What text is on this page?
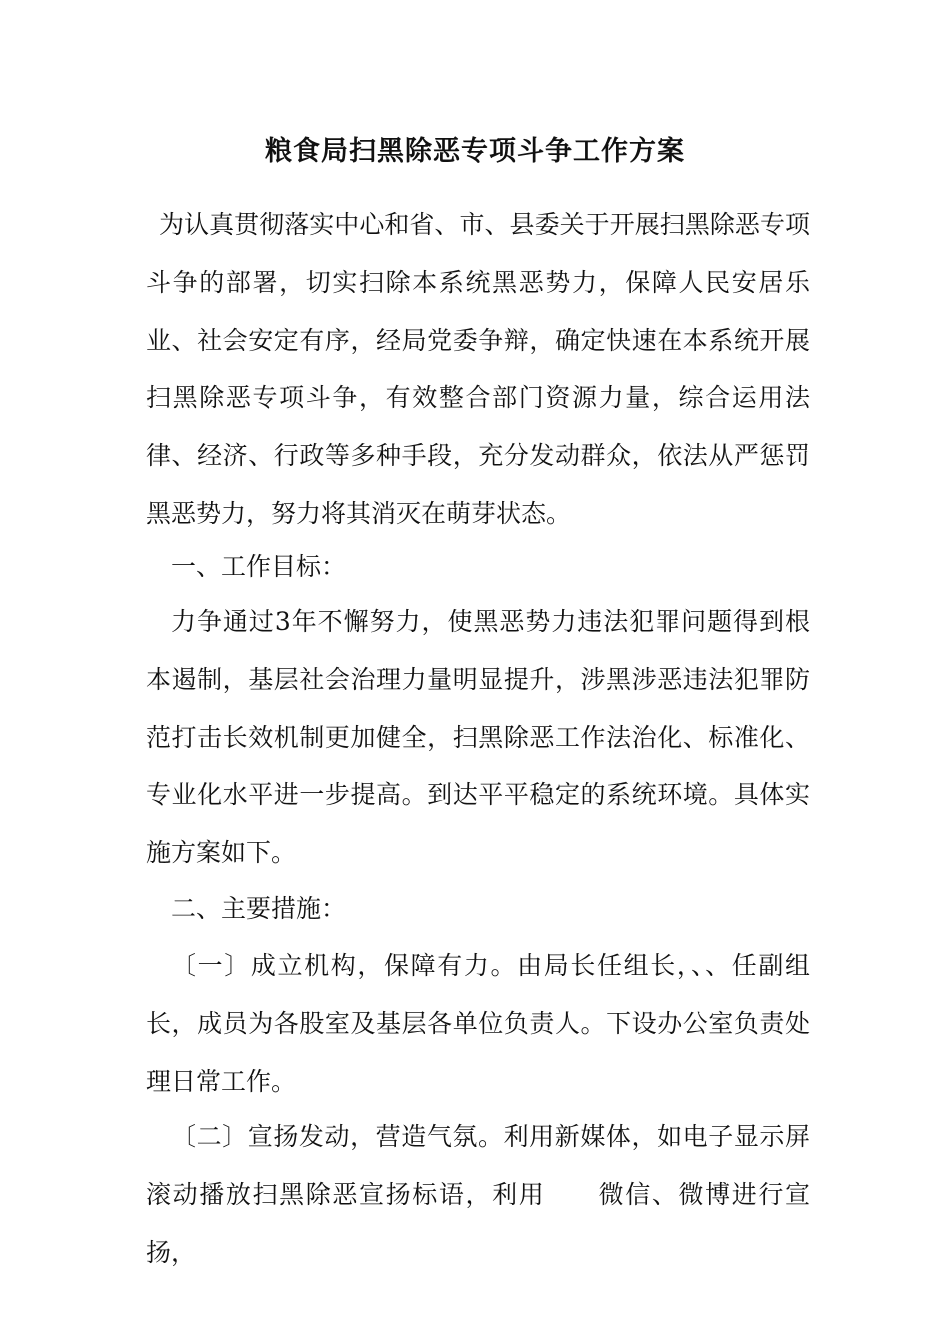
粮食局扫黑除恶专项斗争工作方案

为认真贯彻落实中心和省、市、县委关于开展扫黑除恶专项斗争的部署，切实扫除本系统黑恶势力，保障人民安居乐业、社会安定有序，经局党委争辩，确定快速在本系统开展扫黑除恶专项斗争，有效整合部门资源力量，综合运用法律、经济、行政等多种手段，充分发动群众，依法从严惩罚黑恶势力，努力将其消灭在萌芽状态。

一、工作目标：

力争通过3年不懈努力，使黑恶势力违法犯罪问题得到根本遏制，基层社会治理力量明显提升，涉黑涉恶违法犯罪防范打击长效机制更加健全，扫黑除恶工作法治化、标准化、专业化水平进一步提高。到达平平稳定的系统环境。具体实施方案如下。

二、主要措施：

〔一〕成立机构，保障有力。由局长任组长，、、任副组长，成员为各股室及基层各单位负责人。下设办公室负责处理日常工作。

〔二〕宣扬发动，营造气氛。利用新媒体，如电子显示屏滚动播放扫黑除恶宣扬标语，利用　　微信、微博进行宣扬，
